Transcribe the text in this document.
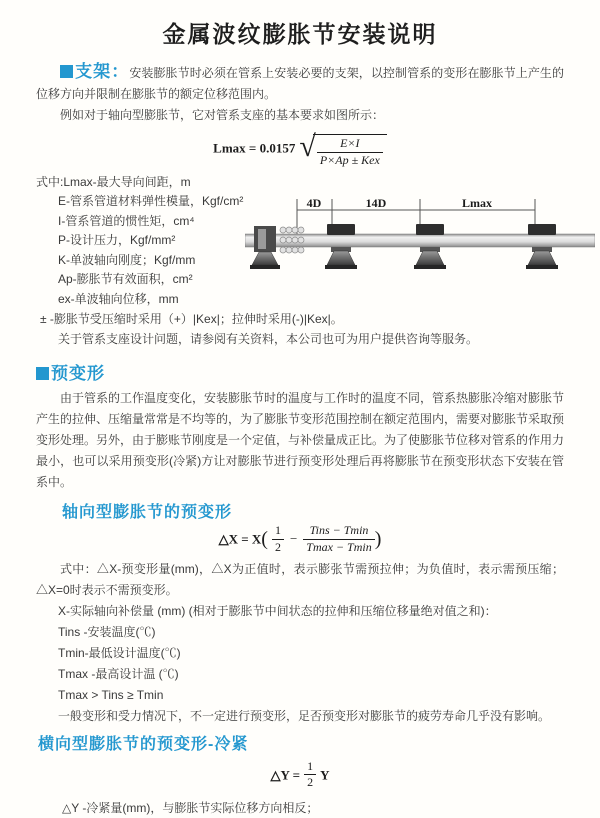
金属波纹膨胀节安装说明

支架：安装膨胀节时必须在管系上安装必要的支架，以控制管系的变形在膨胀节上产生的位移方向并限制在膨胀节的额定位移范围内。

例如对于轴向型膨胀节，它对管系支座的基本要求如图所示：

Lmax = 0.0157 √ $\frac{E\times I}{\text{P×Ap ± Kex}}$
式中:Lmax-最大导向间距，m
E-管系管道材料弹性模量，Kgf/cm²
I-管系管道的惯性矩，cm⁴
P-设计压力，Kgf/mm²
K-单波轴向刚度；Kgf/mm
Ap-膨胀节有效面积，cm²
ex-单波轴向位移，mm
± -膨胀节受压缩时采用（+）|Kex|；拉伸时采用(-)|Kex|。
关于管系支座设计问题，请参阅有关资料，本公司也可为用户提供咨询等服务。
4D	14D	Lmax
预变形

由于管系的工作温度变化，安装膨胀节时的温度与工作时的温度不同，管系热膨胀冷缩对膨胀节产生的拉伸、压缩量常常是不均等的，为了膨胀节变形范围控制在额定范围内，需要对膨胀节采取预变形处理。另外，由于膨账节刚度是一个定值，与补偿量成正比。为了使膨胀节位移对管系的作用力最小，也可以采用预变形(冷紧)方让对膨胀节进行预变形处理后再将膨胀节在预变形状态下安装在管系中。

轴向型膨胀节的预变形
△X = $X( \frac{1}{2} - \frac{\text{Tins − Tmin}}{Tmax - Tmin}$ )

式中：△X-预变形量(mm)，△X为正值时，表示膨张节需预拉伸；为负值时，表示需预压缩；△X=0时表示不需预变形。

X-实际轴向补偿量 (mm) (相对于膨胀节中间状态的拉伸和压缩位移量绝对值之和)：
Tins -安装温度(℃)
Tmin-最低设计温度(℃)
Tmax -最高设计温 (℃)
Tmax > Tins ≥ Tmin
一般变形和受力情况下，不一定进行预变形，足否预变形对膨胀节的疲劳寿命几乎没有影响。
横向型膨胀节的预变形-冷紧
△Y = $\frac{1}{2}$ Y
△Y -冷紧量(mm)，与膨胀节实际位移方向相反；
